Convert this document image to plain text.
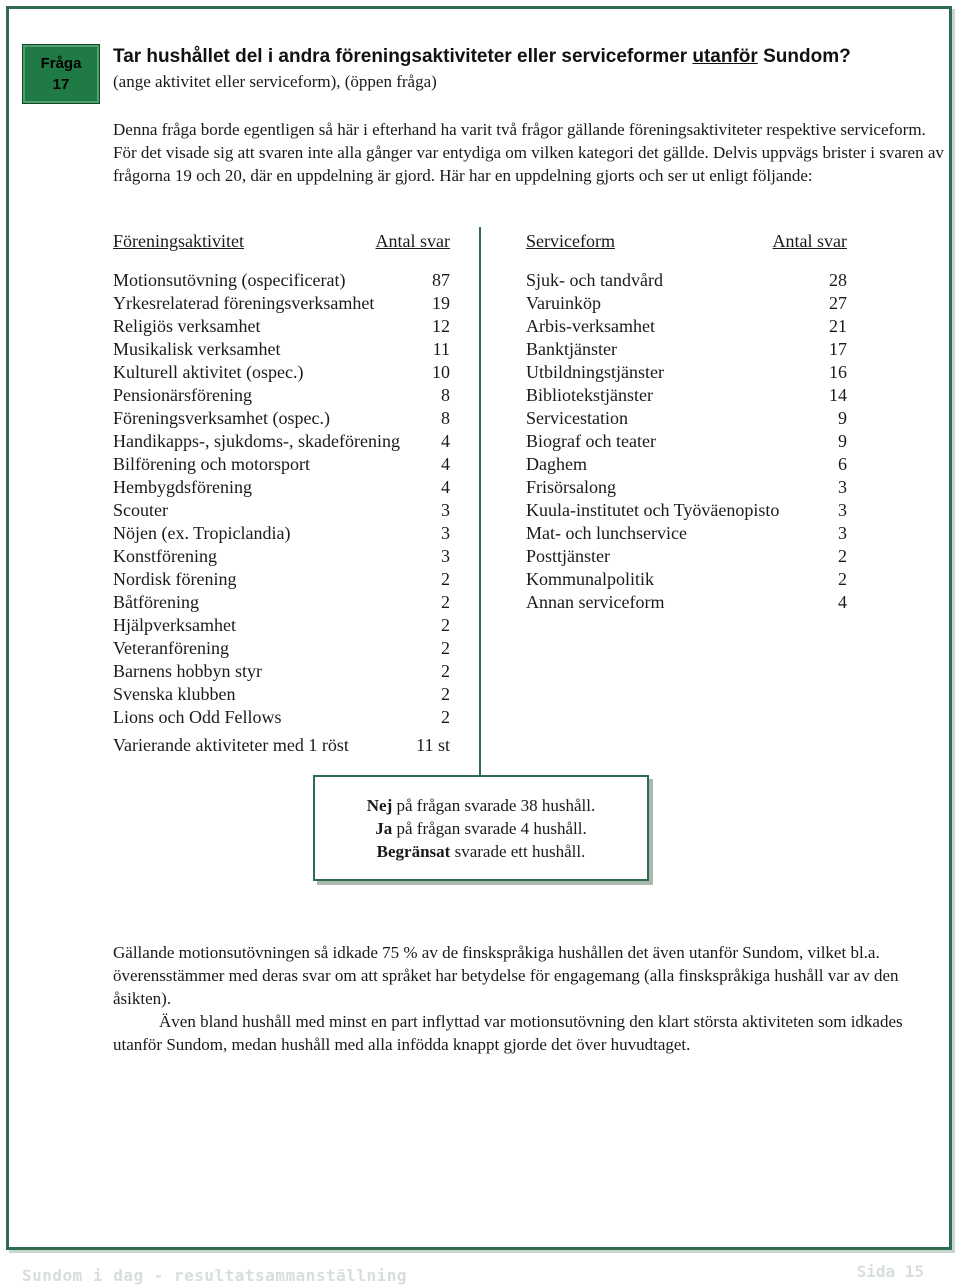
Fråga
17
Tar hushållet del i andra föreningsaktiviteter eller serviceformer utanför Sundom?
(ange aktivitet eller serviceform), (öppen fråga)

Denna fråga borde egentligen så här i efterhand ha varit två frågor gällande föreningsaktiviteter respektive serviceform. För det visade sig att svaren inte alla gånger var entydiga om vilken kategori det gällde. Delvis uppvägs brister i svaren av frågorna 19 och 20, där en uppdelning är gjord. Här har en uppdelning gjorts och ser ut enligt följande:

Föreningsaktivitet	Antal svar
Motionsutövning (ospecificerat)	87
Yrkesrelaterad föreningsverksamhet	19
Religiös verksamhet	12
Musikalisk verksamhet	11
Kulturell aktivitet (ospec.)	10
Pensionärsförening	8
Föreningsverksamhet (ospec.)	8
Handikapps-, sjukdoms-, skadeförening 4
Bilförening och motorsport	4
Hembygdsförening	4
Scouter	3
Nöjen (ex. Tropiclandia)	3
Konstförening	3
Nordisk förening	2
Båtförening	2
Hjälpverksamhet	2
Veteranförening	2
Barnens hobbyn styr	2
Svenska klubben	2
Lions och Odd Fellows	2
Varierande aktiviteter med 1 röst	11 st
Serviceform	Antal svar
Sjuk- och tandvård	28
Varuinköp	27
Arbis-verksamhet	21
Banktjänster	17
Utbildningstjänster	16
Bibliotekstjänster	14
Servicestation	9
Biograf och teater	9
Daghem	6
Frisörsalong	3
Kuula-institutet och Työväenopisto	3
Mat- och lunchservice	3
Posttjänster	2
Kommunalpolitik	2
Annan serviceform	4
Nej på frågan svarade 38 hushåll.
Ja på frågan svarade 4 hushåll.
Begränsat svarade ett hushåll.

Gällande motionsutövningen så idkade 75 % av de finskspråkiga hushållen det även utanför Sundom, vilket bl.a. överensstämmer med deras svar om att språket har betydelse för engagemang (alla finskspråkiga hushåll var av den åsikten).

Även bland hushåll med minst en part inflyttad var motionsutövning den klart största aktiviteten som idkades utanför Sundom, medan hushåll med alla infödda knappt gjorde det över huvudtaget.

Sundom i dag - resultatsammanställning	Sida 15
